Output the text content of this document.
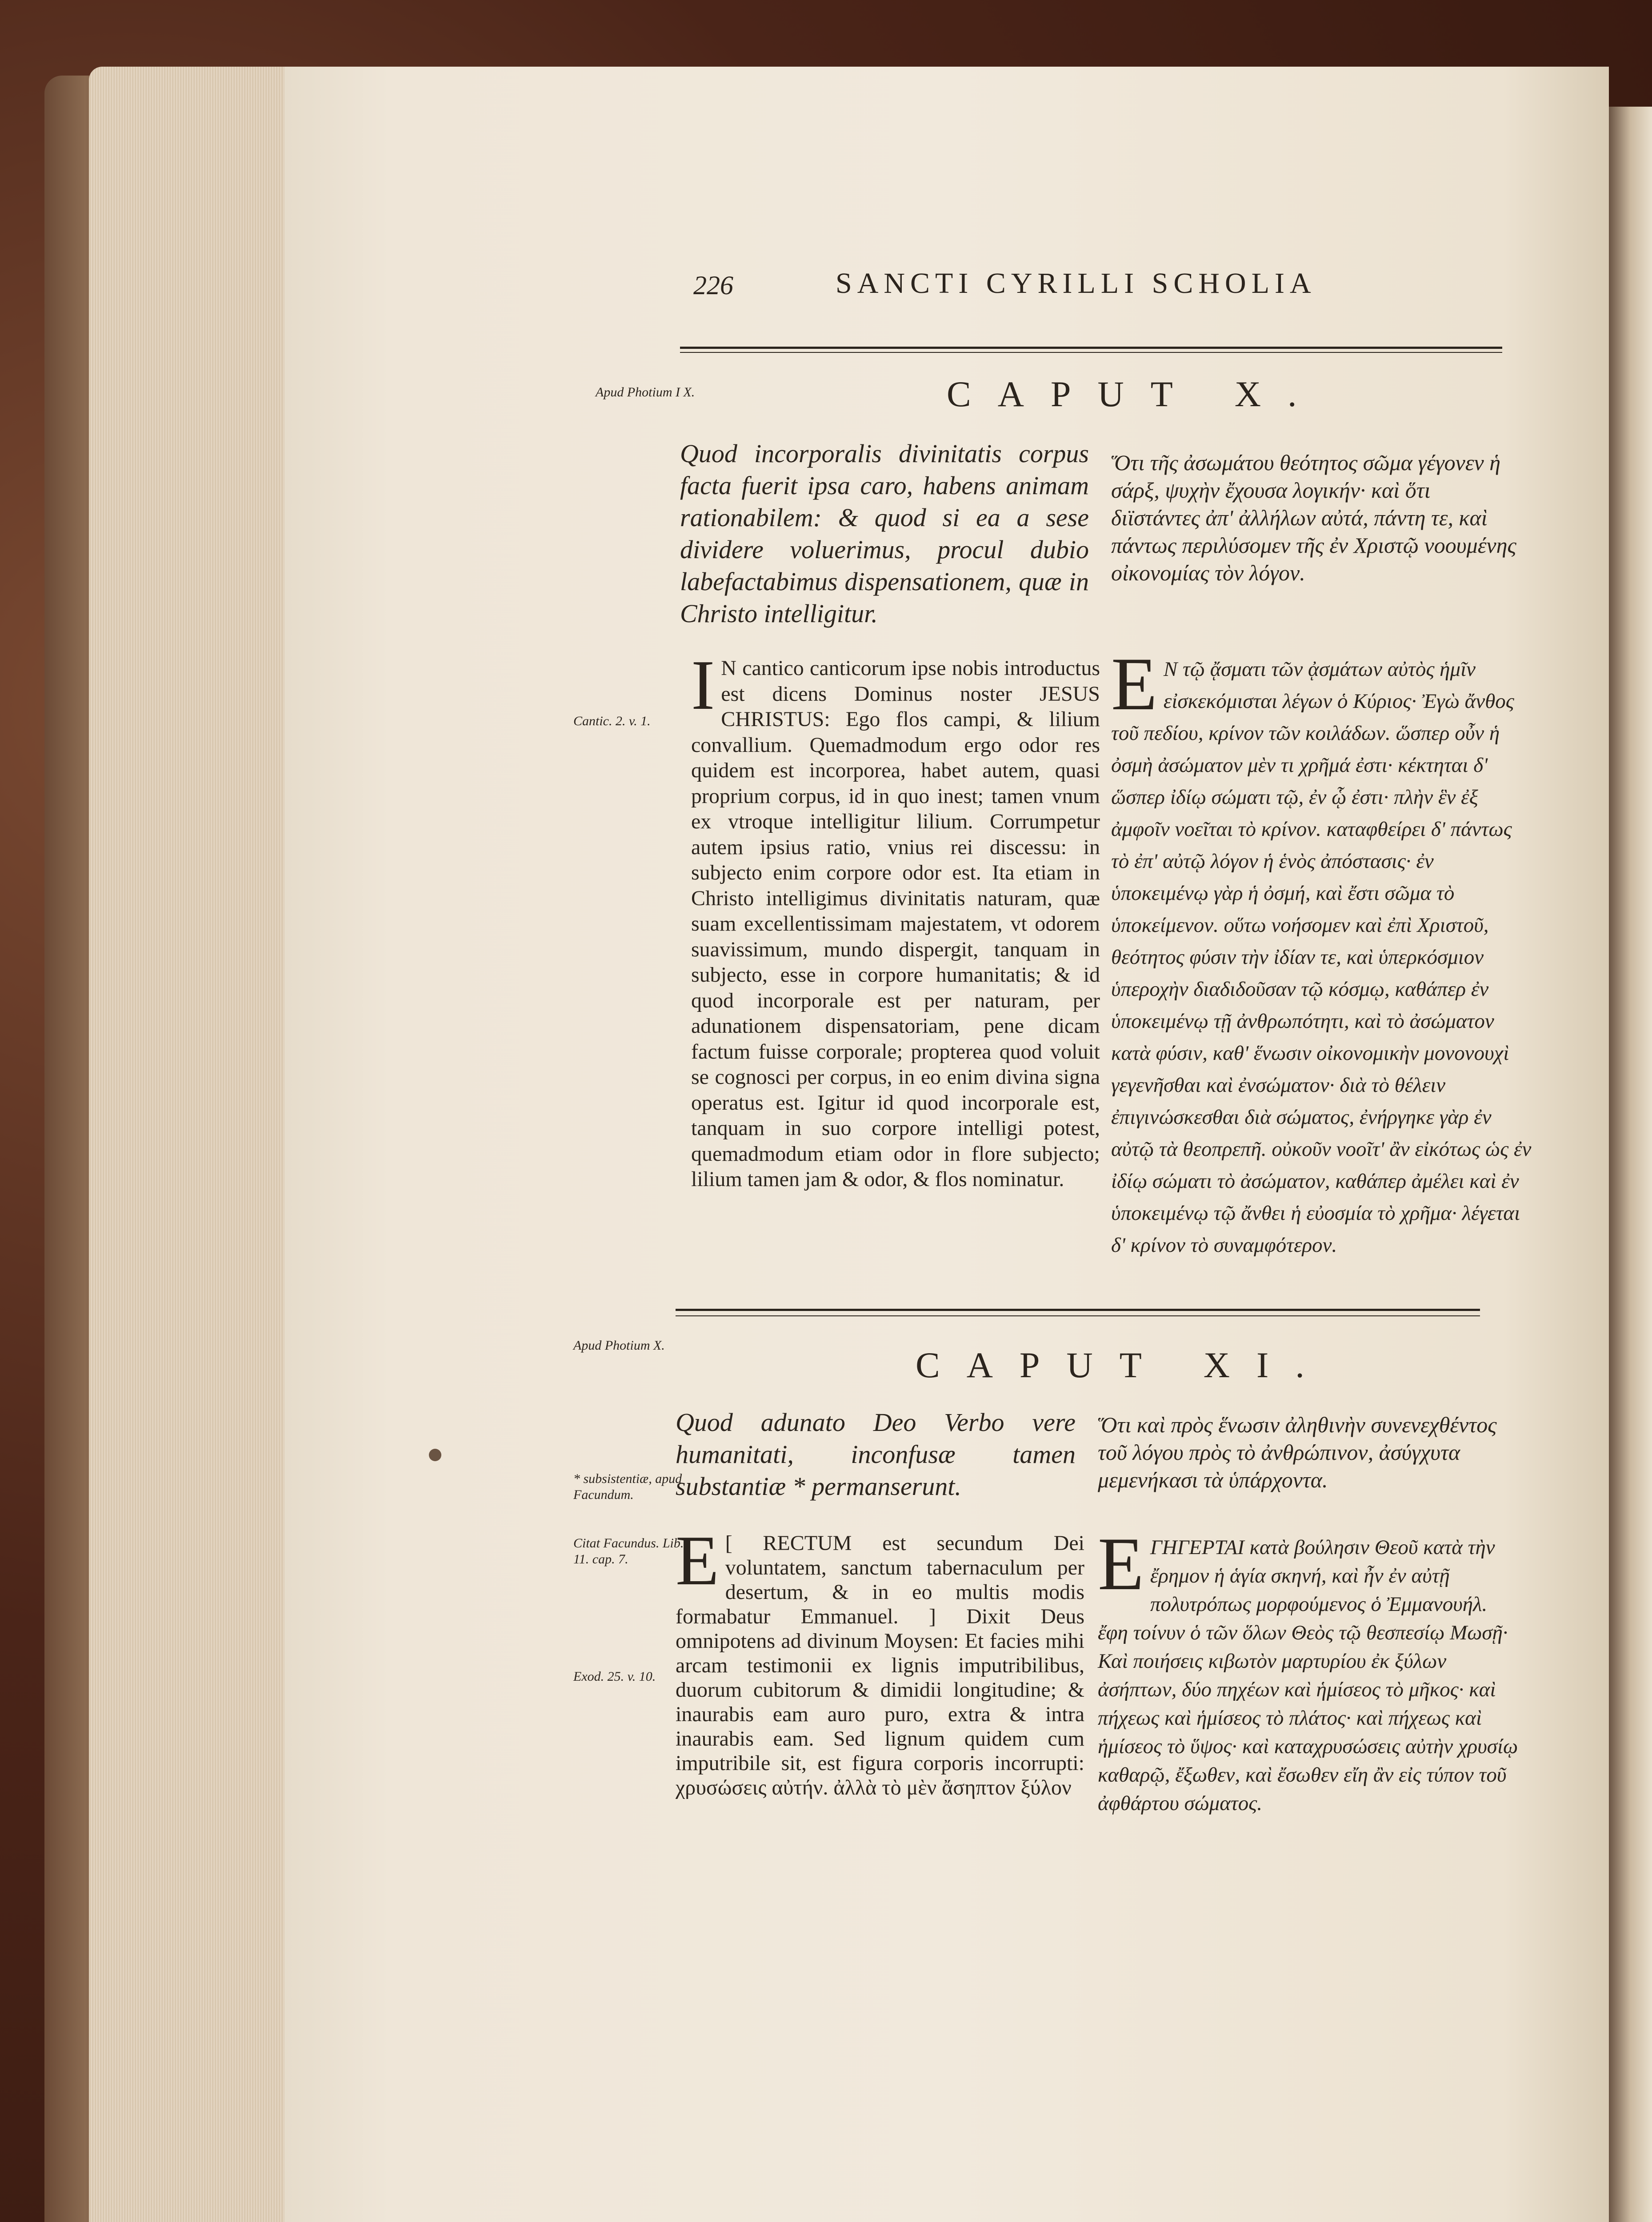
226	SANCTI CYRILLI SCHOLIA
Apud Photium I X.	CAPUT X.
Quod incorporalis divinitatis corpus facta fuerit ipsa caro, habens animam rationabilem: & quod si ea a sese dividere voluerimus, procul dubio labefactabimus dispensationem, quæ in Christo intelligitur.
Ὅτι τῆς ἀσωμάτου θεότητος σῶμα γέγονεν ἡ σάρξ, ψυχὴν ἔχουσα λογικήν· καὶ ὅτι διϊστάντες ἀπ' ἀλλήλων αὐτά, πάντη τε, καὶ πάντως περιλύσομεν τῆς ἐν Χριστῷ νοουμένης οἰκονομίας τὸν λόγον.
Cantic. 2. v. 1. I N cantico canticorum ipse nobis introductus est dicens Dominus noster JESUS CHRISTUS: Ego flos campi, & lilium convallium. Quemadmodum ergo odor res quidem est incorporea, habet autem, quasi proprium corpus, id in quo inest; tamen vnum ex vtroque intelligitur lilium. Corrumpetur autem ipsius ratio, vnius rei discessu: in subjecto enim corpore odor est. Ita etiam in Christo intelligimus divinitatis naturam, quæ suam excellentissimam majestatem, vt odorem suavissimum, mundo dispergit, tanquam in subjecto, esse in corpore humanitatis; & id quod incorporale est per naturam, per adunationem dispensatoriam, pene dicam factum fuisse corporale; propterea quod voluit se cognosci per corpus, in eo enim divina signa operatus est. Igitur id quod incorporale est, tanquam in suo corpore intelligi potest, quemadmodum etiam odor in flore subjecto; lilium tamen jam & odor, & flos nominatur.
Ε Ν τῷ ᾄσματι τῶν ᾀσμάτων αὐτὸς ἡμῖν εἰσκεκόμισται λέγων ὁ Κύριος· Ἐγὼ ἄνθος τοῦ πεδίου, κρίνον τῶν κοιλάδων. ὥσπερ οὖν ἡ ὀσμὴ ἀσώματον μὲν τι χρῆμά ἐστι· κέκτηται δ' ὥσπερ ἰδίῳ σώματι τῷ, ἐν ᾧ ἐστι· πλὴν ἓν ἐξ ἀμφοῖν νοεῖται τὸ κρίνον. καταφθείρει δ' πάντως τὸ ἐπ' αὐτῷ λόγον ἡ ἑνὸς ἀπόστασις· ἐν ὑποκειμένῳ γὰρ ἡ ὀσμή, καὶ ἔστι σῶμα τὸ ὑποκείμενον. οὕτω νοήσομεν καὶ ἐπὶ Χριστοῦ, θεότητος φύσιν τὴν ἰδίαν τε, καὶ ὑπερκόσμιον ὑπεροχὴν διαδιδοῦσαν τῷ κόσμῳ, καθάπερ ἐν ὑποκειμένῳ τῇ ἀνθρωπότητι, καὶ τὸ ἀσώματον κατὰ φύσιν, καθ' ἕνωσιν οἰκονομικὴν μονονουχὶ γεγενῆσθαι καὶ ἐνσώματον· διὰ τὸ θέλειν ἐπιγινώσκεσθαι διὰ σώματος, ἐνήργηκε γὰρ ἐν αὐτῷ τὰ θεοπρεπῆ. οὐκοῦν νοοῖτ' ἂν εἰκότως ὡς ἐν ἰδίῳ σώματι τὸ ἀσώματον, καθάπερ ἀμέλει καὶ ἐν ὑποκειμένῳ τῷ ἄνθει ἡ εὐοσμία τὸ χρῆμα· λέγεται δ' κρίνον τὸ συναμφότερον.
Apud Photium X.	CAPUT XI.
Quod adunato Deo Verbo vere humanitati, inconfusæ tamen substantiæ * permanserunt.
Ὅτι καὶ πρὸς ἕνωσιν ἀληθινὴν συνενεχθέντος τοῦ λόγου πρὸς τὸ ἀνθρώπινον, ἀσύγχυτα μεμενήκασι τὰ ὑπάρχοντα.
* subsistentiæ, apud Facundum.
Citat Facundus. Lib. 11. cap. 7.
Exod. 25. v. 10.
E [ RECTUM est secundum Dei voluntatem, sanctum tabernaculum per desertum, & in eo multis modis formabatur Emmanuel. ] Dixit Deus omnipotens ad divinum Moysen: Et facies mihi arcam testimonii ex lignis imputribilibus, duorum cubitorum & dimidii longitudine; & inaurabis eam auro puro, extra & intra inaurabis eam. Sed lignum quidem cum imputribile sit, est figura corporis incorrupti: χρυσώσεις αὐτήν. ἀλλὰ τὸ μὲν ἄσηπτον ξύλον
Ε ΓΗΓΕΡΤΑΙ κατὰ βούλησιν Θεοῦ κατὰ τὴν ἔρημον ἡ ἁγία σκηνή, καὶ ἦν ἐν αὐτῇ πολυτρόπως μορφούμενος ὁ Ἐμμανουήλ. ἔφη τοίνυν ὁ τῶν ὅλων Θεὸς τῷ θεσπεσίῳ Μωσῇ· Καὶ ποιήσεις κιβωτὸν μαρτυρίου ἐκ ξύλων ἀσήπτων, δύο πηχέων καὶ ἡμίσεος τὸ μῆκος· καὶ πήχεως καὶ ἡμίσεος τὸ πλάτος· καὶ πήχεως καὶ ἡμίσεος τὸ ὕψος· καὶ καταχρυσώσεις αὐτὴν χρυσίῳ καθαρῷ, ἔξωθεν, καὶ ἔσωθεν εἴη ἂν εἰς τύπον τοῦ ἀφθάρτου σώματος.
